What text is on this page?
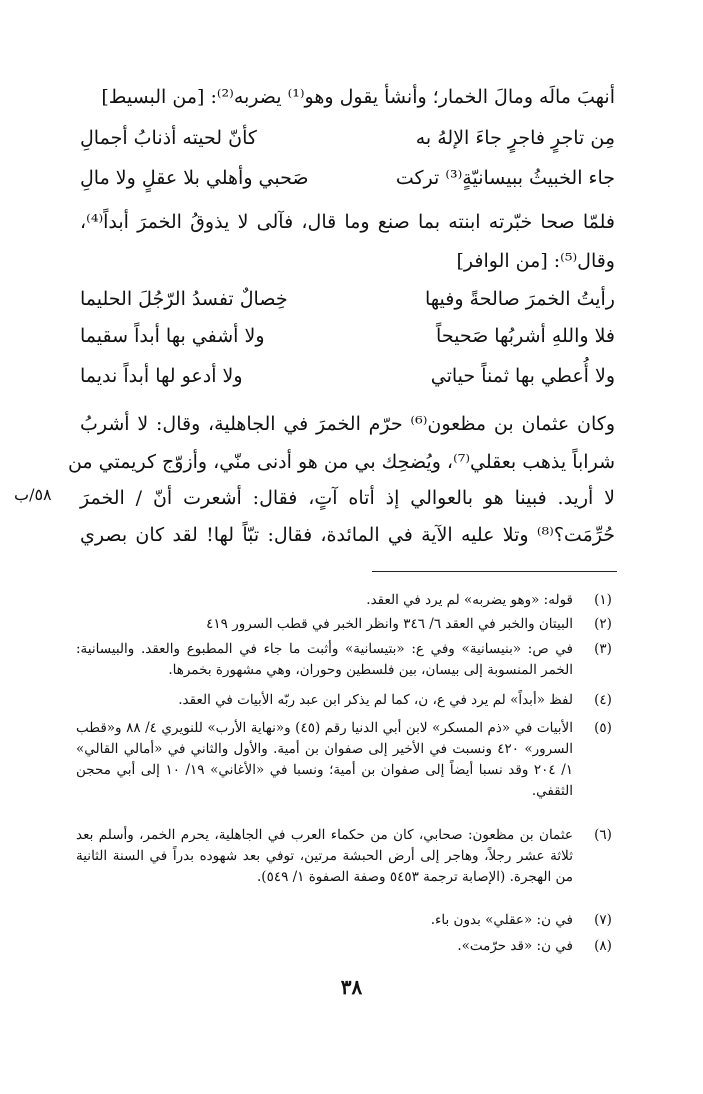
أنهبَ مالَه ومالَ الخمار؛ وأنشأ يقول وهو⁽¹⁾ يضربه⁽²⁾: [من البسيط]
مِن تاجرٍ فاجرٍ جاءَ الإلهُ به
كأنّ لحيته أذنابُ أجمالِ
جاء الخبيثُ ببيسانيّةٍ⁽³⁾ تركت
صَحبي وأهلي بلا عقلٍ ولا مالِ
فلمّا صحا خبّرته ابنته بما صنع وما قال، فآلى لا يذوقُ الخمرَ أبداً⁽⁴⁾،
وقال⁽⁵⁾: [من الوافر]
رأيتُ الخمرَ صالحةً وفيها
خِصالٌ تفسدُ الرّجُلَ الحليما
فلا واللهِ أشربُها صَحيحاً
ولا أشفي بها أبداً سقيما
ولا أُعطي بها ثمناً حياتي
ولا أدعو لها أبداً نديما
وكان عثمان بن مظعون⁽⁶⁾ حرّم الخمرَ في الجاهلية، وقال: لا أشربُ
شراباً يذهب بعقلي⁽⁷⁾، ويُضحِك بي من هو أدنى منّي، وأزوّج كريمتي من
لا أريد. فبينا هو بالعوالي إذ أتاه آتٍ، فقال: أشعرت أنّ / الخمرَ
حُرِّمَت؟⁽⁸⁾ وتلا عليه الآية في المائدة، فقال: تبّاً لها! لقد كان بصري
٥٨/ب
(١)
قوله: «وهو يضربه» لم يرد في العقد.
(٢)
البيتان والخبر في العقد ٦/ ٣٤٦ وانظر الخبر في قطب السرور ٤١٩
(٣)
في ص: «بنيسانية» وفي ع: «بتيسانية» وأثبت ما جاء في المطبوع والعقد. والبيسانية: الخمر المنسوبة إلى بيسان، بين فلسطين وحوران، وهي مشهورة بخمرها.
(٤)
لفظ «أبداً» لم يرد في ع، ن، كما لم يذكر ابن عبد ربّه الأبيات في العقد.
(٥)
الأبيات في «ذم المسكر» لابن أبي الدنيا رقم (٤٥) و«نهاية الأرب» للنويري ٤/ ٨٨ و«قطب السرور» ٤٢٠ ونسبت في الأخير إلى صفوان بن أمية. والأول والثاني في «أمالي القالي» ١/ ٢٠٤ وقد نسبا أيضاً إلى صفوان بن أمية؛ ونسبا في «الأغاني» ١٩/ ١٠ إلى أبي محجن الثقفي.
(٦)
عثمان بن مظعون: صحابي، كان من حكماء العرب في الجاهلية، يحرم الخمر، وأسلم بعد ثلاثة عشر رجلاً، وهاجر إلى أرض الحبشة مرتين، توفي بعد شهوده بدراً في السنة الثانية من الهجرة. (الإصابة ترجمة ٥٤٥٣ وصفة الصفوة ١/ ٥٤٩).
(٧)
في ن: «عقلي» بدون باء.
(٨)
في ن: «قد حرّمت».
٣٨
